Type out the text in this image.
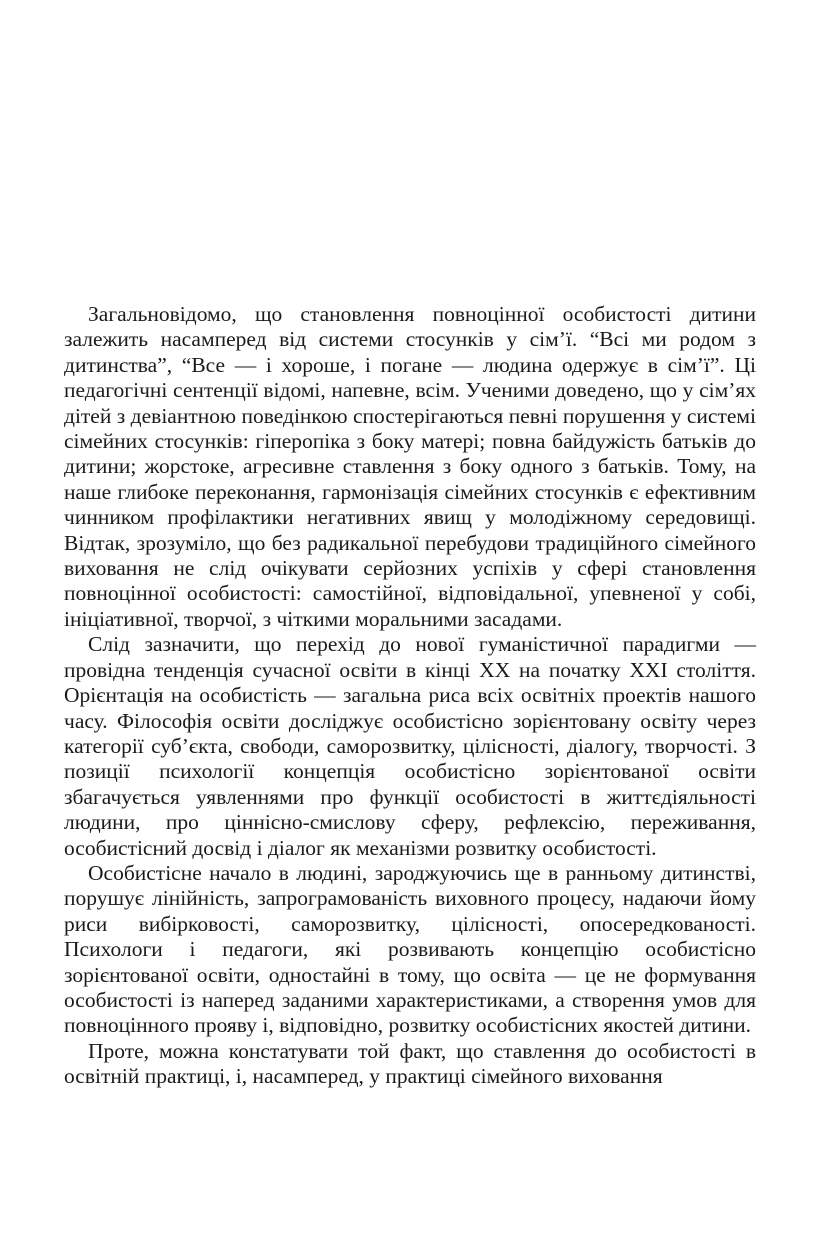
Загальновідомо, що становлення повноцінної особистості дитини залежить насамперед від системи стосунків у сім’ї. “Всі ми родом з дитинства”, “Все — і хороше, і погане — людина одержує в сім’ї”. Ці педагогічні сентенції відомі, напевне, всім. Ученими доведено, що у сім’ях дітей з девіантною поведінкою спостерігаються певні порушення у системі сімейних стосунків: гіперопіка з боку матері; повна байдужість батьків до дитини; жорстоке, агресивне ставлення з боку одного з батьків. Тому, на наше глибоке переконання, гармонізація сімейних стосунків є ефективним чинником профілактики негативних явищ у молодіжному середовищі. Відтак, зрозуміло, що без радикальної перебудови традиційного сімейного виховання не слід очікувати серйозних успіхів у сфері становлення повноцінної особистості: самостійної, відповідальної, упевненої у собі, ініціативної, творчої, з чіткими моральними засадами.

Слід зазначити, що перехід до нової гуманістичної парадигми — провідна тенденція сучасної освіти в кінці XX на початку XXI століття. Орієнтація на особистість — загальна риса всіх освітніх проектів нашого часу. Філософія освіти досліджує особистісно зорієнтовану освіту через категорії суб’єкта, свободи, саморозвитку, цілісності, діалогу, творчості. З позиції психології концепція особистісно зорієнтованої освіти збагачується уявленнями про функції особистості в життєдіяльності людини, про ціннісно-смислову сферу, рефлексію, переживання, особистісний досвід і діалог як механізми розвитку особистості.

Особистісне начало в людині, зароджуючись ще в ранньому дитинстві, порушує лінійність, запрограмованість виховного процесу, надаючи йому риси вибірковості, саморозвитку, цілісності, опосередкованості. Психологи і педагоги, які розвивають концепцію особистісно зорієнтованої освіти, одностайні в тому, що освіта — це не формування особистості із наперед заданими характеристиками, а створення умов для повноцінного прояву і, відповідно, розвитку особистісних якостей дитини.

Проте, можна констатувати той факт, що ставлення до особистості в освітній практиці, і, насамперед, у практиці сімейного виховання
